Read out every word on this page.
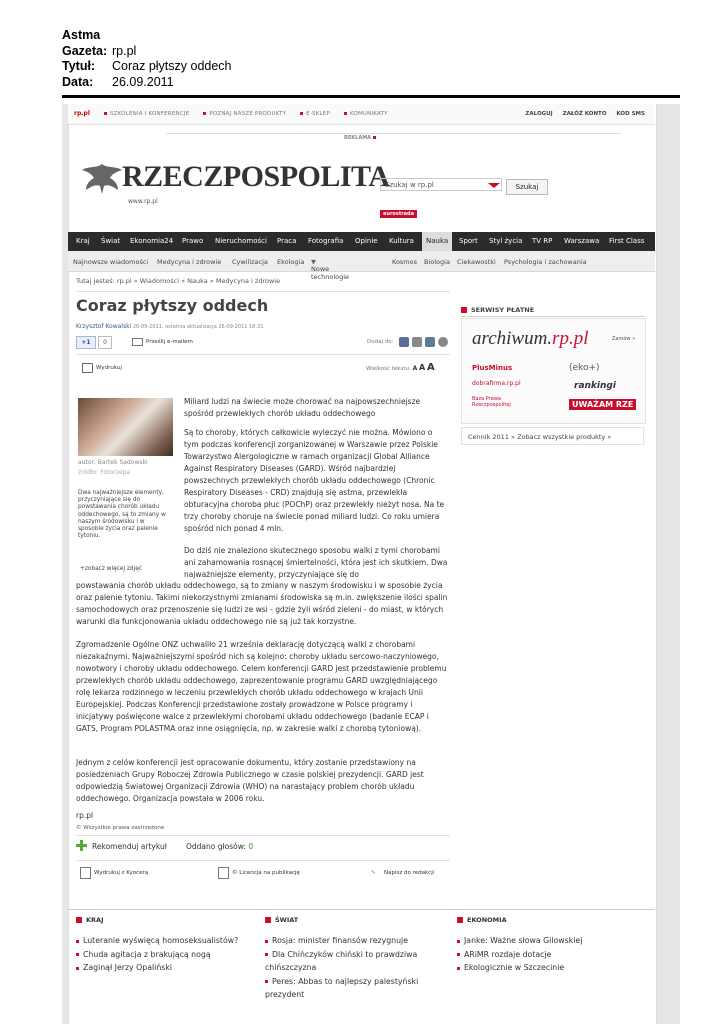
Astma
Gazeta: rp.pl
Tytuł:	Coraz płytszy oddech
Data:	26.09.2011
rp.pl	SZKOLENIA I KONFERENCJE	POZNAJ NASZE PRODUKTY	E-SKLEP	KOMUNIKATY	ZALOGUJ ZAŁÓŻ KONTO KOD SMS
REKLAMA
RZECZPOSPOLITA
www.rp.pl
Szukaj w rp.pl	Szukaj
eurostrada
Kraj Świat Ekonomia24 Prawo Nieruchomości Praca Fotografia Opinie Kultura	Nauka	Sport Styl życia TV RP Warszawa First Class
Najnowsze wiadomości Medycyna i zdrowie Cywilizacja Ekologia
Nowe technologie
▼	Kosmos Biologia Ciekawostki Psychologia i zachowania
Tutaj jesteś: rp.pl » Wiadomości » Nauka » Medycyna i zdrowie
Coraz płytszy oddech
Krzysztof Kowalski 26-09-2011, ostatnia aktualizacja 26-09-2011 18:31
+1	0	Prześlij e-mailem	Dodaj do:
Wydrukuj	Wielkość tekstu: A A A
autor: Bartek Sadowski
źródło: Fotorzepa
Dwa najważniejsze elementy, przyczyniające się do powstawania chorób układu oddechowego, są to zmiany w naszym środowisku i w sposobie życia oraz palenie tytoniu.
+zobacz więcej zdjęć
Miliard ludzi na świecie może chorować na najpowszechniejsze spośród przewlekłych chorób układu oddechowego
Są to choroby, których całkowicie wyleczyć nie można. Mówiono o tym podczas konferencji zorganizowanej w Warszawie przez Polskie Towarzystwo Alergologiczne w ramach organizacji Global Alliance Against Respiratory Diseases (GARD). Wśród najbardziej powszechnych przewlekłych chorób układu oddechowego (Chronic Respiratory Diseases - CRD) znajdują się astma, przewlekła obturacyjna choroba płuc (POChP) oraz przewlekły nieżyt nosa. Na te trzy choroby choruje na świecie ponad miliard ludzi. Co roku umiera spośród nich ponad 4 mln.
Do dziś nie znaleziono skutecznego sposobu walki z tymi chorobami ani zahamowania rosnącej śmiertelności, która jest ich skutkiem. Dwa najważniejsze elementy, przyczyniające się do
powstawania chorób układu oddechowego, są to zmiany w naszym środowisku i w sposobie życia oraz palenie tytoniu. Takimi niekorzystnymi zmianami środowiska są m.in. zwiększenie ilości spalin samochodowych oraz przenoszenie się ludzi ze wsi - gdzie żyli wśród zieleni - do miast, w których warunki dla funkcjonowania układu oddechowego nie są już tak korzystne.
Zgromadzenie Ogólne ONZ uchwaliło 21 września deklarację dotyczącą walki z chorobami niezakaźnymi. Najważniejszymi spośród nich są kolejno: choroby układu sercowo-naczyniowego, nowotwory i choroby układu oddechowego. Celem konferencji GARD jest przedstawienie problemu przewlekłych chorób układu oddechowego, zaprezentowanie programu GARD uwzględniającego rolę lekarza rodzinnego w leczeniu przewlekłych chorób układu oddechowego w krajach Unii Europejskiej. Podczas Konferencji przedstawione zostały prowadzone w Polsce programy i inicjatywy poświęcone walce z przewlekłymi chorobami układu oddechowego (badanie ECAP i GATS, Program POLASTMA oraz inne osiągnięcia, np. w zakresie walki z chorobą tytoniową).
Jednym z celów konferencji jest opracowanie dokumentu, który zostanie przedstawiony na posiedzeniach Grupy Roboczej Zdrowia Publicznego w czasie polskiej prezydencji. GARD jest odpowiedzią Światowej Organizacji Zdrowia (WHO) na narastający problem chorób układu oddechowego. Organizacja powstała w 2006 roku.
rp.pl
© Wszystkie prawa zastrzeżone
Rekomenduj artykuł	Oddano głosów: 0
Wydrukuj z Kyocerą	© Licencja na publikację	✎ Napisz do redakcji
SERWISY PŁATNE
archiwum.rp.pl	Zamów »
PlusMinus
dobrafirma.rp.pl
Baza Prawa Rzeczpospolitej
(eko+)
rankingi
UWAŻAM RZE
Cennik 2011 » Zobacz wszystkie produkty »
KRAJ
Luteranie wyświęcą homoseksualistów?
Chuda agitacja z brakującą nogą
Zaginął Jerzy Opaliński
ŚWIAT
Rosja: minister finansów rezygnuje
Dla Chińczyków chiński to prawdziwa chińszczyzna
Peres: Abbas to najlepszy palestyński prezydent
EKONOMIA
Janke: Ważne słowa Gilowskiej
ARiMR rozdaje dotacje
Ekologicznie w Szczecinie
